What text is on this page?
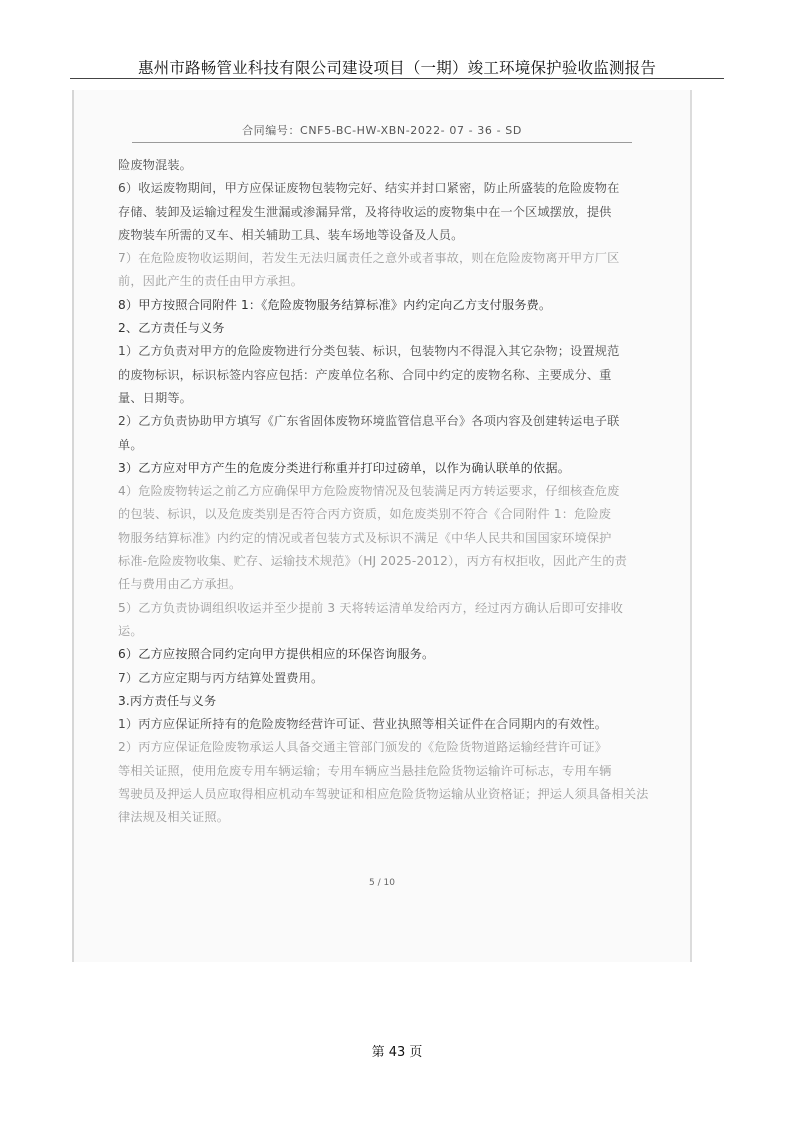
惠州市路畅管业科技有限公司建设项目（一期）竣工环境保护验收监测报告
合同编号：CNF5-BC-HW-XBN-2022- 07 - 36 - SD
险废物混装。
6）收运废物期间，甲方应保证废物包装物完好、结实并封口紧密，防止所盛装的危险废物在
存储、装卸及运输过程发生泄漏或渗漏异常，及将待收运的废物集中在一个区域摆放，提供
废物装车所需的叉车、相关辅助工具、装车场地等设备及人员。
7）在危险废物收运期间，若发生无法归属责任之意外或者事故，则在危险废物离开甲方厂区
前，因此产生的责任由甲方承担。
8）甲方按照合同附件 1：《危险废物服务结算标准》内约定向乙方支付服务费。
2、乙方责任与义务
1）乙方负责对甲方的危险废物进行分类包装、标识，包装物内不得混入其它杂物；设置规范
的废物标识，标识标签内容应包括：产废单位名称、合同中约定的废物名称、主要成分、重
量、日期等。
2）乙方负责协助甲方填写《广东省固体废物环境监管信息平台》各项内容及创建转运电子联
单。
3）乙方应对甲方产生的危废分类进行称重并打印过磅单，以作为确认联单的依据。
4）危险废物转运之前乙方应确保甲方危险废物情况及包装满足丙方转运要求，仔细核查危废
的包装、标识，以及危废类别是否符合丙方资质，如危废类别不符合《合同附件 1：危险废
物服务结算标准》内约定的情况或者包装方式及标识不满足《中华人民共和国国家环境保护
标准-危险废物收集、贮存、运输技术规范》（HJ 2025-2012），丙方有权拒收，因此产生的责
任与费用由乙方承担。
5）乙方负责协调组织收运并至少提前 3 天将转运清单发给丙方，经过丙方确认后即可安排收
运。
6）乙方应按照合同约定向甲方提供相应的环保咨询服务。
7）乙方应定期与丙方结算处置费用。
3.丙方责任与义务
1）丙方应保证所持有的危险废物经营许可证、营业执照等相关证件在合同期内的有效性。
2）丙方应保证危险废物承运人具备交通主管部门颁发的《危险货物道路运输经营许可证》
等相关证照，使用危废专用车辆运输；专用车辆应当悬挂危险货物运输许可标志，专用车辆
驾驶员及押运人员应取得相应机动车驾驶证和相应危险货物运输从业资格证；押运人须具备相关法
律法规及相关证照。
5 / 10
第 43 页
